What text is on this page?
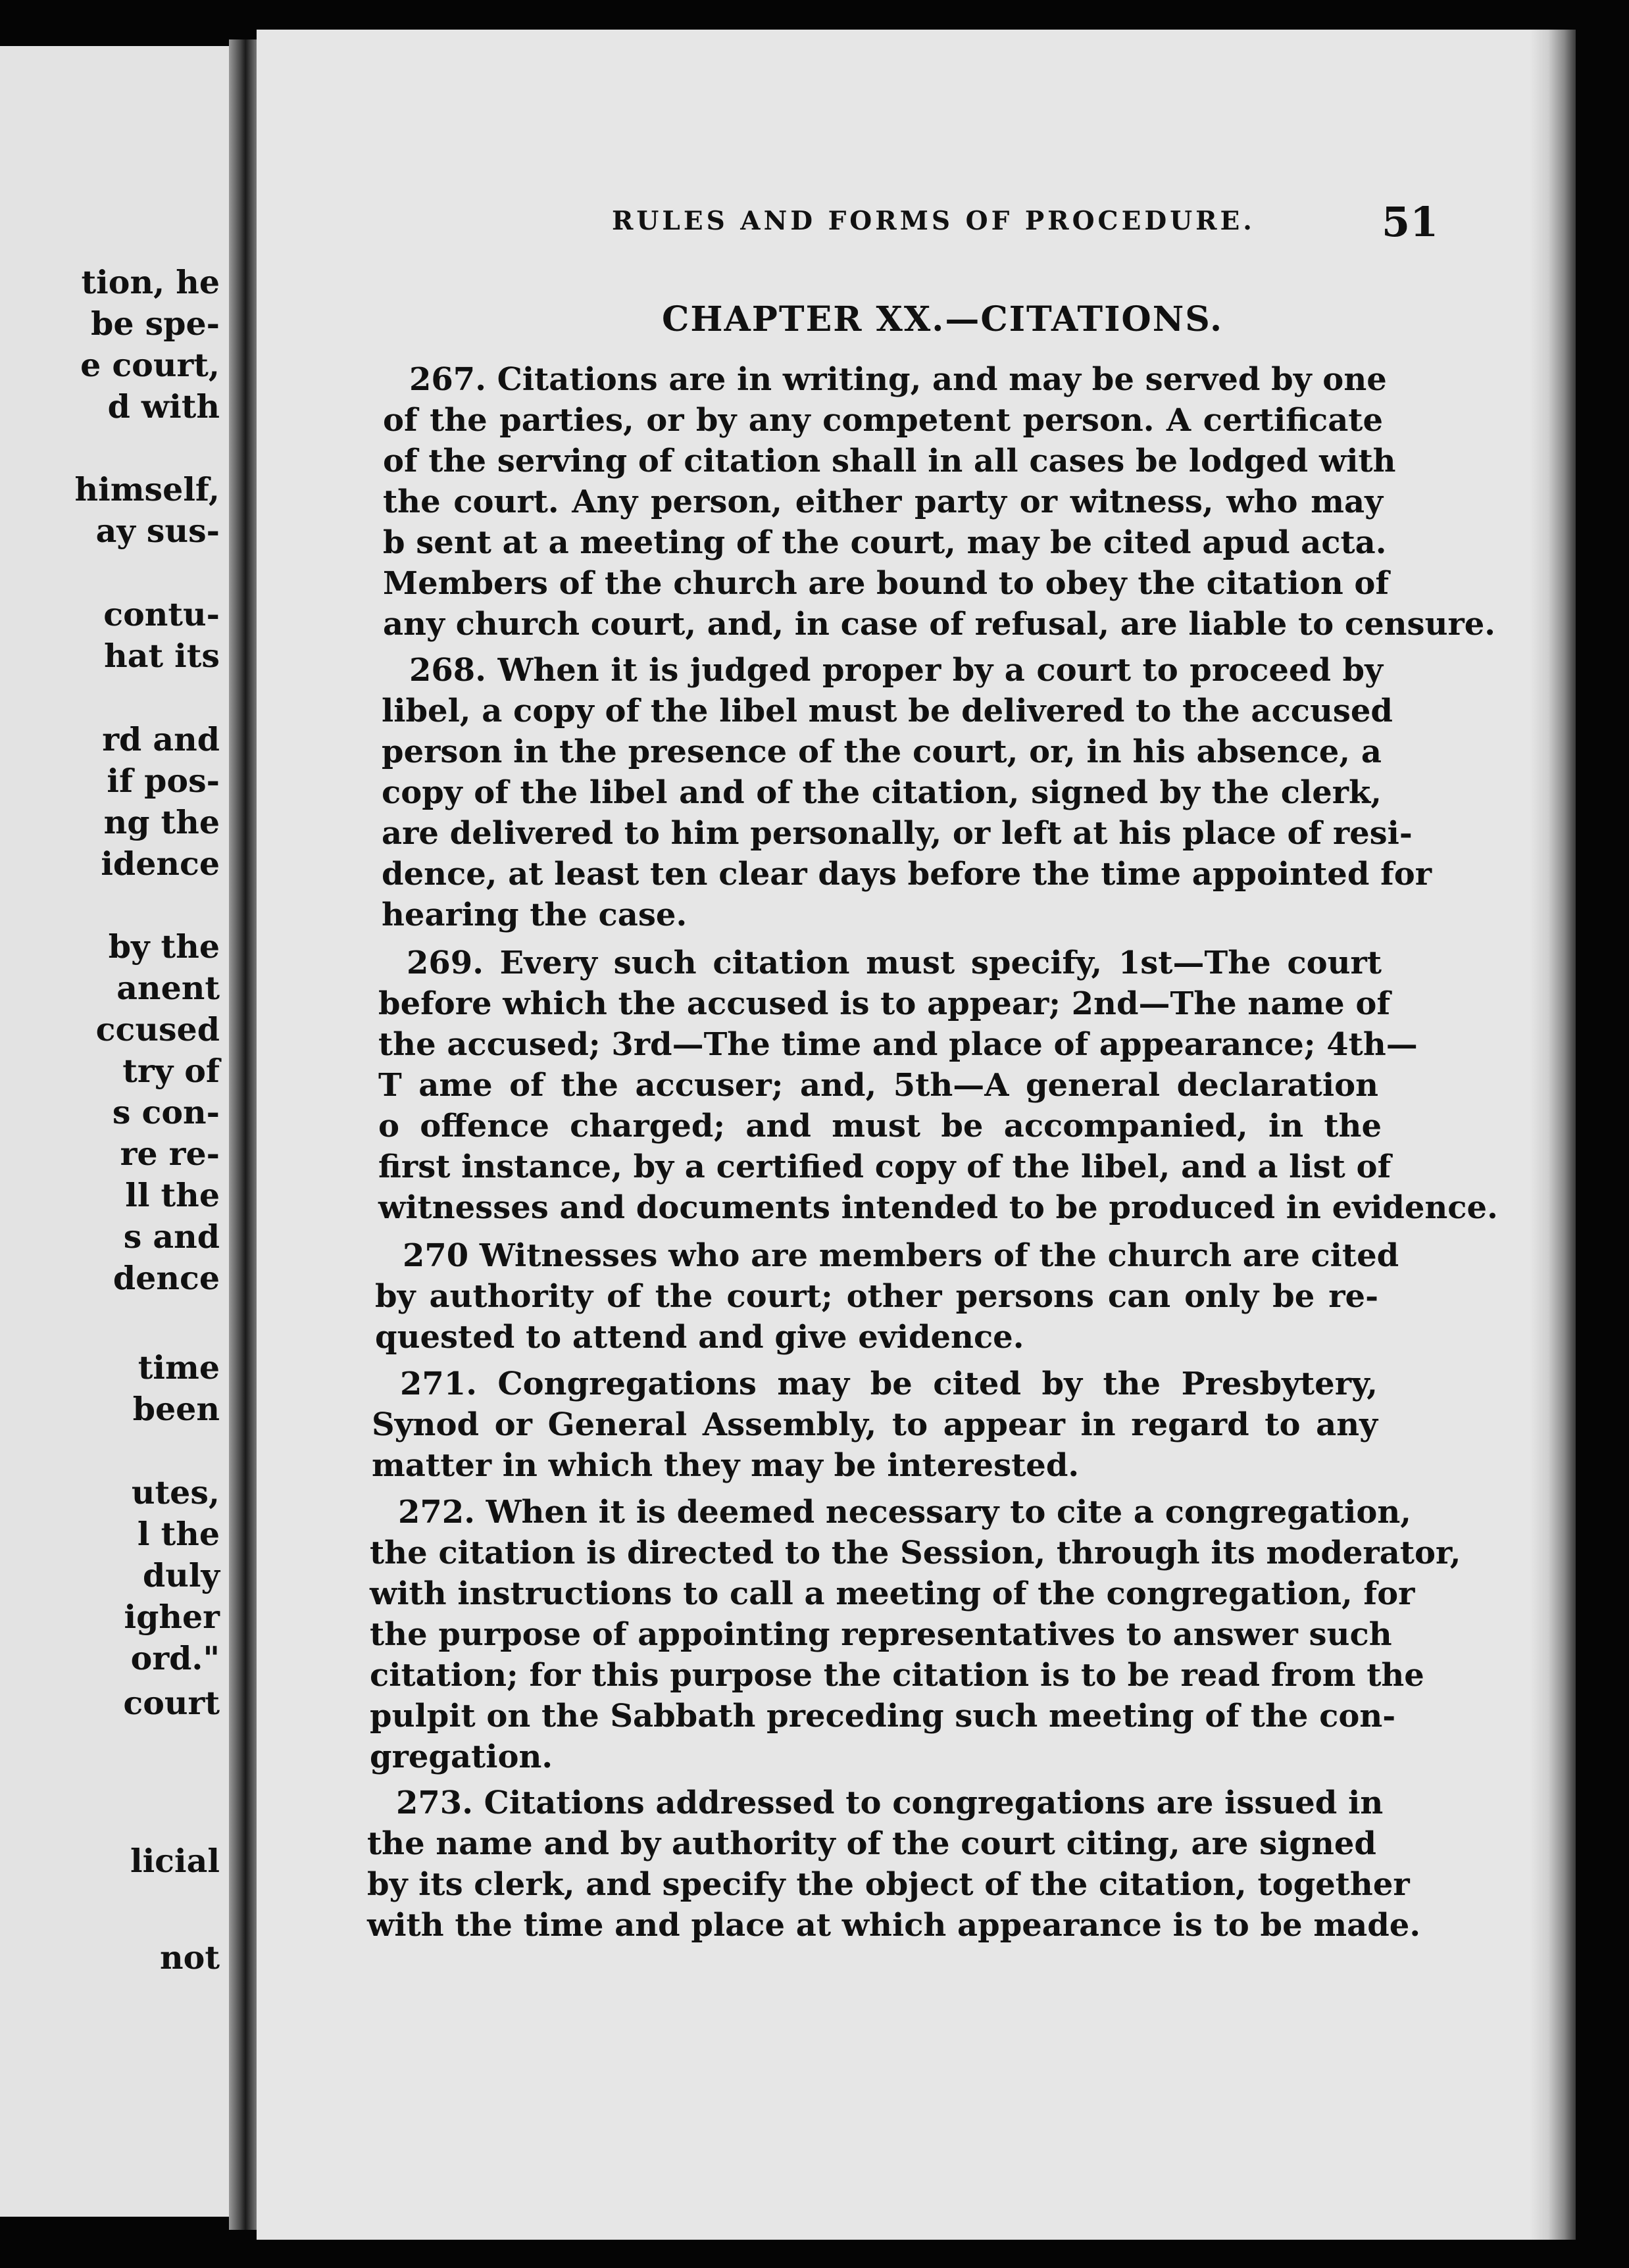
tion, he
be spe-
e court,
d with
himself,
ay sus-
contu-
hat its
rd and
if pos-
ng the
idence
by the
anent
ccused
try of
s con-
re re-
ll the
s and
dence
time
been
utes,
l the
duly
igher
ord."
court
licial
not
RULES AND FORMS OF PROCEDURE.	51
CHAPTER XX.—CITATIONS.
267. Citations are in writing, and may be served by one
of the parties, or by any competent person. A certificate
of the serving of citation shall in all cases be lodged with
the court. Any person, either party or witness, who may
b sent at a meeting of the court, may be cited apud acta.
Members of the church are bound to obey the citation of
any church court, and, in case of refusal, are liable to censure.
268. When it is judged proper by a court to proceed by
libel, a copy of the libel must be delivered to the accused
person in the presence of the court, or, in his absence, a
copy of the libel and of the citation, signed by the clerk,
are delivered to him personally, or left at his place of resi-
dence, at least ten clear days before the time appointed for
hearing the case.
269. Every such citation must specify, 1st—The court
before which the accused is to appear; 2nd—The name of
the accused; 3rd—The time and place of appearance; 4th—
T ame of the accuser; and, 5th—A general declaration
o offence charged; and must be accompanied, in the
first instance, by a certified copy of the libel, and a list of
witnesses and documents intended to be produced in evidence.
270 Witnesses who are members of the church are cited
by authority of the court; other persons can only be re-
quested to attend and give evidence.
271. Congregations may be cited by the Presbytery,
Synod or General Assembly, to appear in regard to any
matter in which they may be interested.
272. When it is deemed necessary to cite a congregation,
the citation is directed to the Session, through its moderator,
with instructions to call a meeting of the congregation, for
the purpose of appointing representatives to answer such
citation; for this purpose the citation is to be read from the
pulpit on the Sabbath preceding such meeting of the con-
gregation.
273. Citations addressed to congregations are issued in
the name and by authority of the court citing, are signed
by its clerk, and specify the object of the citation, together
with the time and place at which appearance is to be made.
